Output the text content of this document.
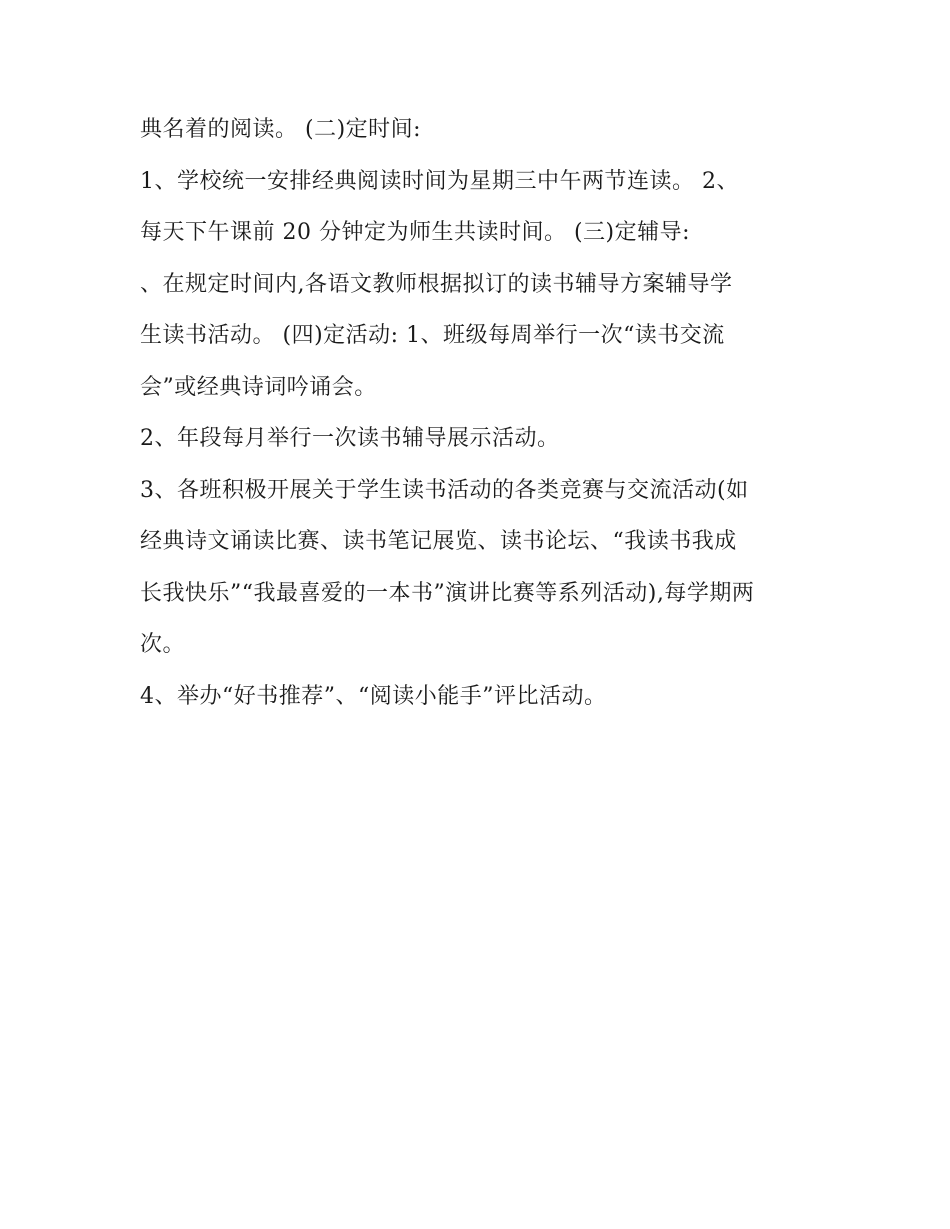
典名着的阅读。 (二)定时间:
1、学校统一安排经典阅读时间为星期三中午两节连读。 2、
每天下午课前 20 分钟定为师生共读时间。 (三)定辅导:
、在规定时间内,各语文教师根据拟订的读书辅导方案辅导学
生读书活动。 (四)定活动: 1、班级每周举行一次“读书交流
会”或经典诗词吟诵会。
2、年段每月举行一次读书辅导展示活动。
3、各班积极开展关于学生读书活动的各类竞赛与交流活动(如
经典诗文诵读比赛、读书笔记展览、读书论坛、“我读书我成
长我快乐”“我最喜爱的一本书”演讲比赛等系列活动),每学期两
次。
4、举办“好书推荐”、“阅读小能手”评比活动。
